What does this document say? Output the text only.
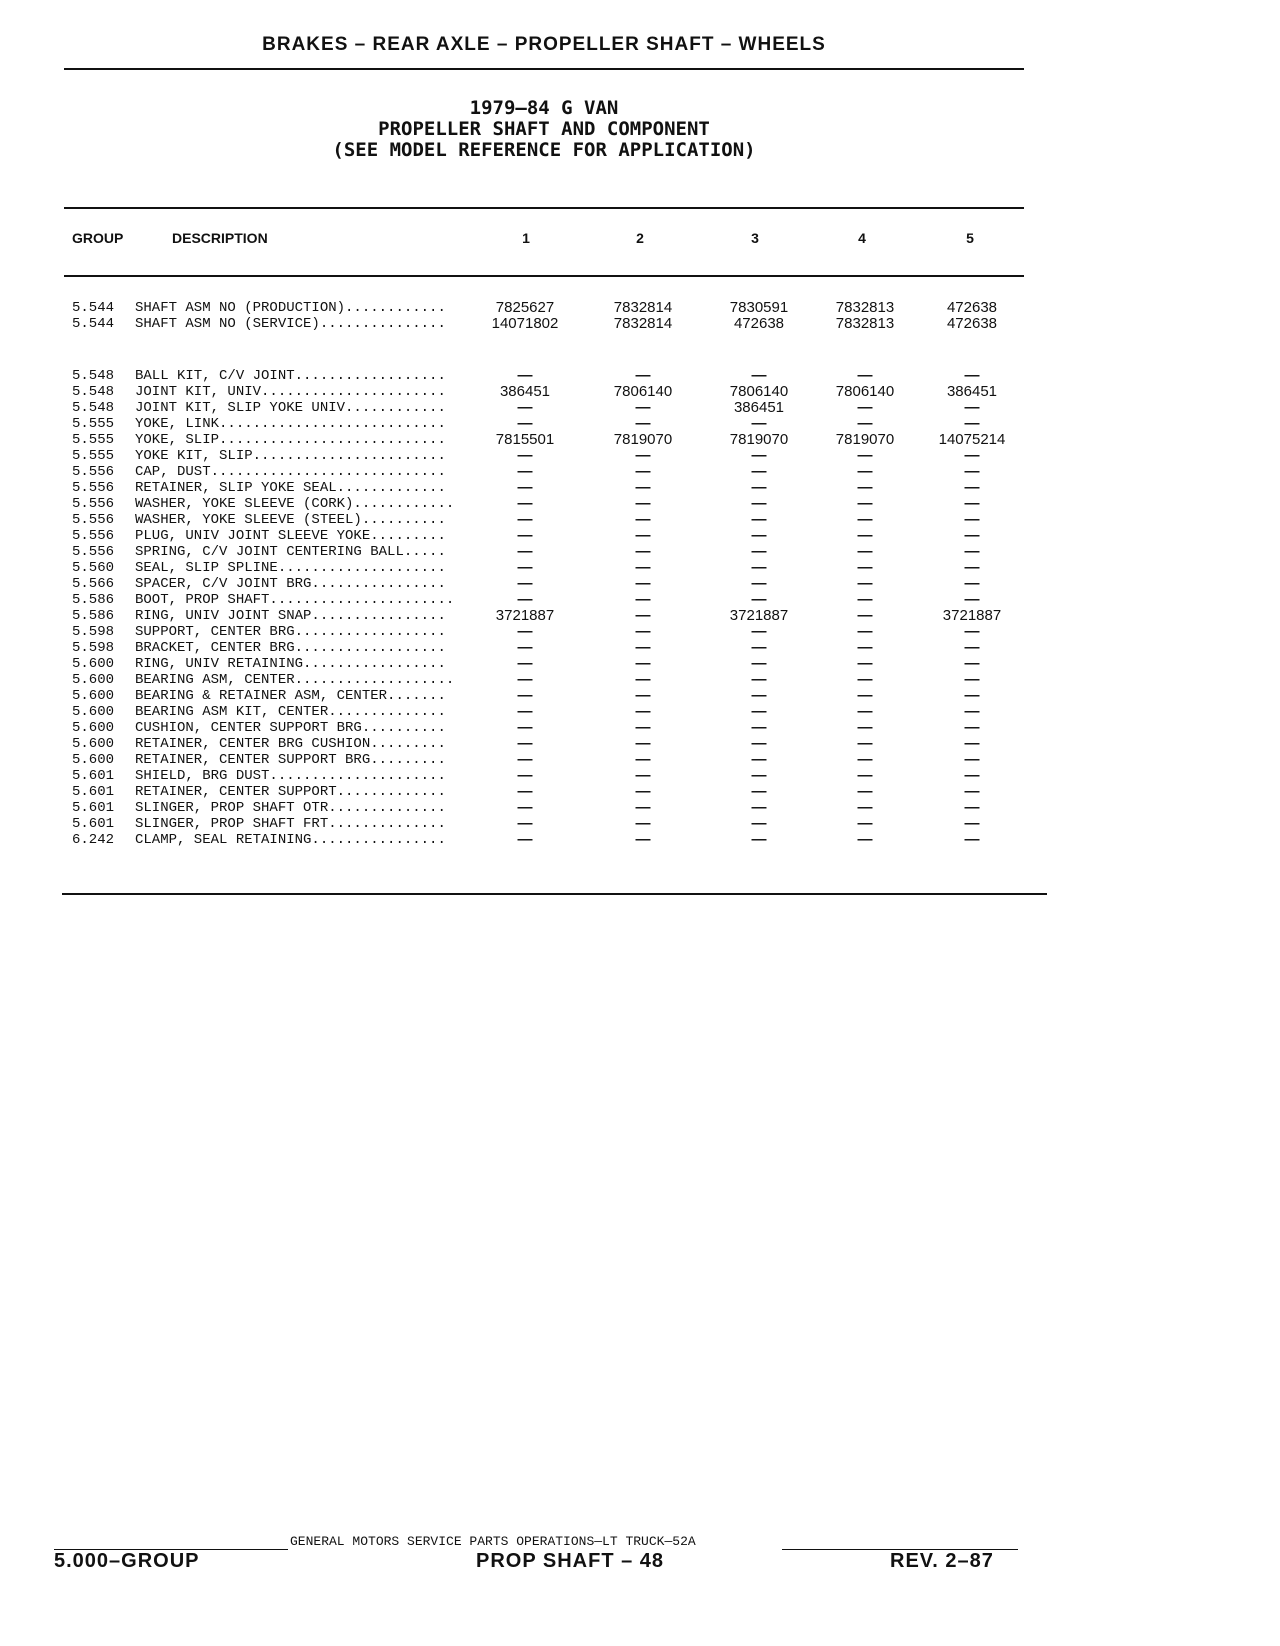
BRAKES – REAR AXLE – PROPELLER SHAFT – WHEELS
1979–84 G VAN
PROPELLER SHAFT AND COMPONENT
(SEE MODEL REFERENCE FOR APPLICATION)
GROUP	DESCRIPTION	1	2	3	4	5
5.544	SHAFT ASM NO (PRODUCTION)............	7825627	7832814	7830591	7832813	472638
5.544	SHAFT ASM NO (SERVICE)...............	14071802	7832814	472638	7832813	472638
5.548	BALL KIT, C/V JOINT..................	—	—	—	—	—
5.548	JOINT KIT, UNIV......................	386451	7806140	7806140	7806140	386451
5.548	JOINT KIT, SLIP YOKE UNIV............	—	—	386451	—	—
5.555	YOKE, LINK...........................	—	—	—	—	—
5.555	YOKE, SLIP...........................	7815501	7819070	7819070	7819070	14075214
5.555	YOKE KIT, SLIP.......................	—	—	—	—	—
5.556	CAP, DUST............................	—	—	—	—	—
5.556	RETAINER, SLIP YOKE SEAL.............	—	—	—	—	—
5.556	WASHER, YOKE SLEEVE (CORK)............	—	—	—	—	—
5.556	WASHER, YOKE SLEEVE (STEEL)..........	—	—	—	—	—
5.556	PLUG, UNIV JOINT SLEEVE YOKE.........	—	—	—	—	—
5.556	SPRING, C/V JOINT CENTERING BALL.....	—	—	—	—	—
5.560	SEAL, SLIP SPLINE....................	—	—	—	—	—
5.566	SPACER, C/V JOINT BRG................	—	—	—	—	—
5.586	BOOT, PROP SHAFT......................	—	—	—	—	—
5.586	RING, UNIV JOINT SNAP................	3721887	—	3721887	—	3721887
5.598	SUPPORT, CENTER BRG..................	—	—	—	—	—
5.598	BRACKET, CENTER BRG..................	—	—	—	—	—
5.600	RING, UNIV RETAINING.................	—	—	—	—	—
5.600	BEARING ASM, CENTER...................	—	—	—	—	—
5.600	BEARING & RETAINER ASM, CENTER.......	—	—	—	—	—
5.600	BEARING ASM KIT, CENTER..............	—	—	—	—	—
5.600	CUSHION, CENTER SUPPORT BRG..........	—	—	—	—	—
5.600	RETAINER, CENTER BRG CUSHION.........	—	—	—	—	—
5.600	RETAINER, CENTER SUPPORT BRG.........	—	—	—	—	—
5.601	SHIELD, BRG DUST.....................	—	—	—	—	—
5.601	RETAINER, CENTER SUPPORT.............	—	—	—	—	—
5.601	SLINGER, PROP SHAFT OTR..............	—	—	—	—	—
5.601	SLINGER, PROP SHAFT FRT..............	—	—	—	—	—
6.242	CLAMP, SEAL RETAINING................	—	—	—	—	—
GENERAL MOTORS SERVICE PARTS OPERATIONS—LT TRUCK—52A
5.000–GROUP	PROP SHAFT – 48	REV. 2–87
